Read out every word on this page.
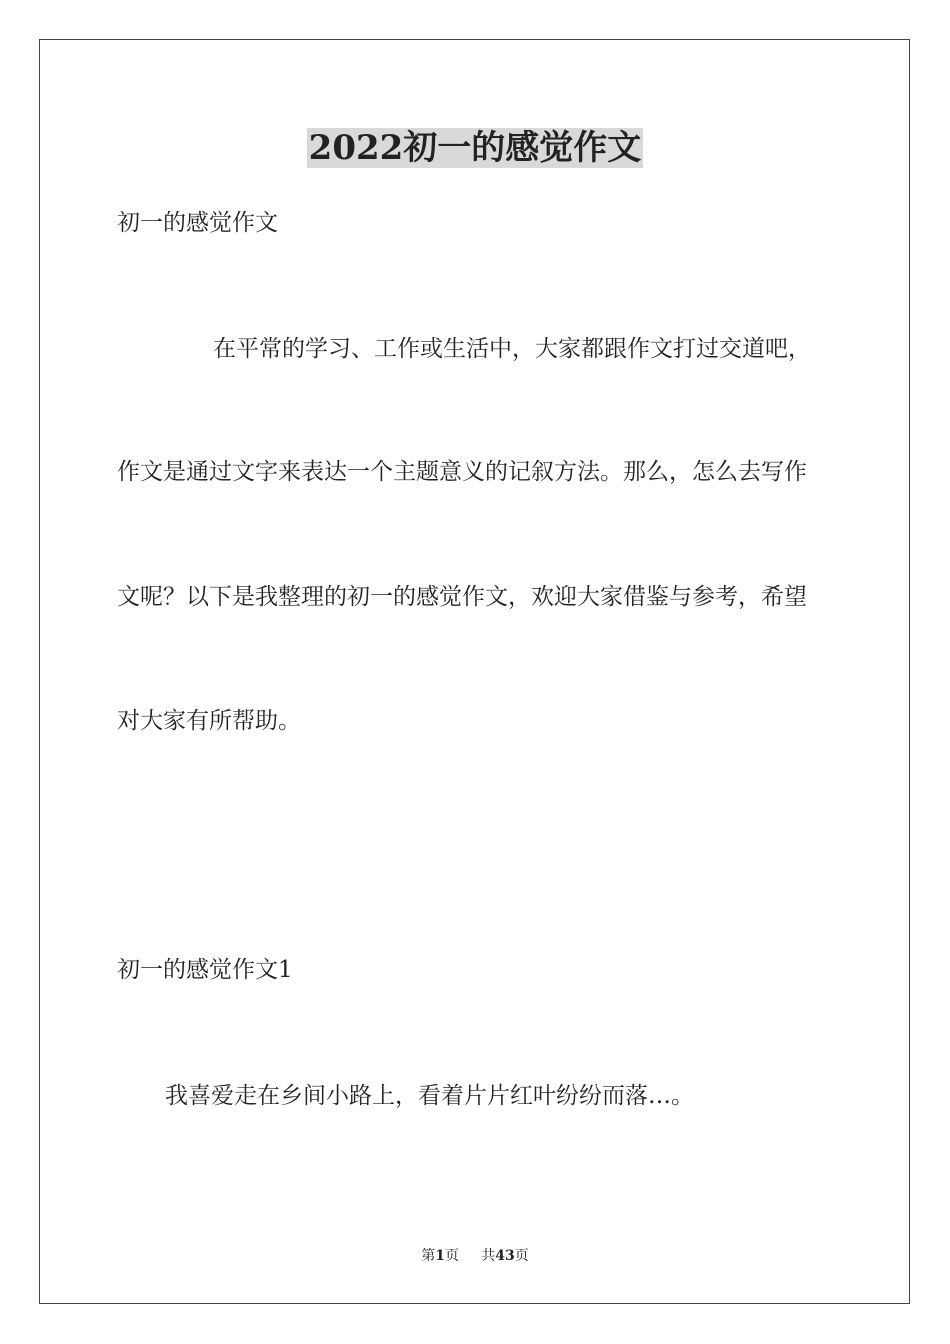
2022初一的感觉作文

初一的感觉作文

在平常的学习、工作或生活中，大家都跟作文打过交道吧，

作文是通过文字来表达一个主题意义的记叙方法。那么，怎么去写作

文呢？以下是我整理的初一的感觉作文，欢迎大家借鉴与参考，希望

对大家有所帮助。

初一的感觉作文1

我喜爱走在乡间小路上，看着片片红叶纷纷而落…。

第1页 共43页
